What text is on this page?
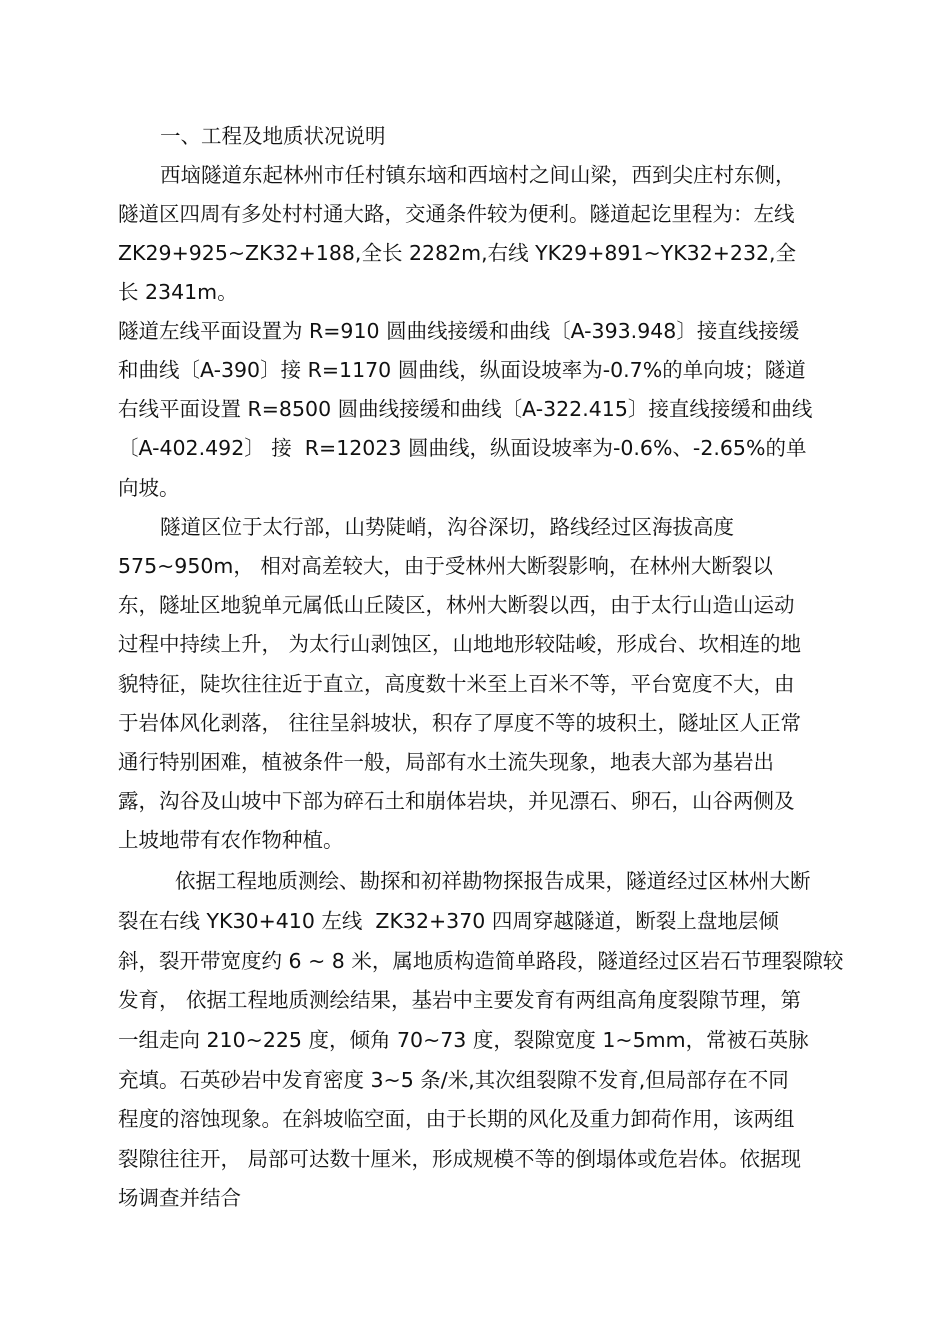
一、工程及地质状况说明
西垴隧道东起林州市任村镇东垴和西垴村之间山梁，西到尖庄村东侧，
隧道区四周有多处村村通大路，交通条件较为便利。隧道起讫里程为：左线
ZK29+925~ZK32+188,全长 2282m,右线 YK29+891~YK32+232,全
长 2341m。
隧道左线平面设置为 R=910 圆曲线接缓和曲线〔A-393.948〕接直线接缓
和曲线〔A-390〕接 R=1170 圆曲线，纵面设坡率为-0.7%的单向坡；隧道
右线平面设置 R=8500 圆曲线接缓和曲线〔A-322.415〕接直线接缓和曲线
〔A-402.492〕 接  R=12023 圆曲线，纵面设坡率为-0.6%、-2.65%的单
向坡。
隧道区位于太行部，山势陡峭，沟谷深切，路线经过区海拔高度
575~950m， 相对高差较大，由于受林州大断裂影响，在林州大断裂以
东，隧址区地貌单元属低山丘陵区，林州大断裂以西，由于太行山造山运动
过程中持续上升， 为太行山剥蚀区，山地地形较陆峻，形成台、坎相连的地
貌特征，陡坎往往近于直立，高度数十米至上百米不等，平台宽度不大，由
于岩体风化剥落， 往往呈斜坡状，积存了厚度不等的坡积土，隧址区人正常
通行特别困难，植被条件一般，局部有水土流失现象，地表大部为基岩出
露，沟谷及山坡中下部为碎石土和崩体岩块，并见漂石、卵石，山谷两侧及
上坡地带有农作物种植。
依据工程地质测绘、勘探和初祥勘物探报告成果，隧道经过区林州大断
裂在右线 YK30+410 左线  ZK32+370 四周穿越隧道，断裂上盘地层倾
斜，裂开带宽度约 6 ~ 8 米，属地质构造简单路段，隧道经过区岩石节理裂隙较
发育， 依据工程地质测绘结果，基岩中主要发育有两组高角度裂隙节理，第
一组走向 210~225 度，倾角 70~73 度，裂隙宽度 1~5mm，常被石英脉
充填。石英砂岩中发育密度 3~5 条/米,其次组裂隙不发育,但局部存在不同
程度的溶蚀现象。在斜坡临空面，由于长期的风化及重力卸荷作用，该两组
裂隙往往开， 局部可达数十厘米，形成规模不等的倒塌体或危岩体。依据现
场调查并结合
